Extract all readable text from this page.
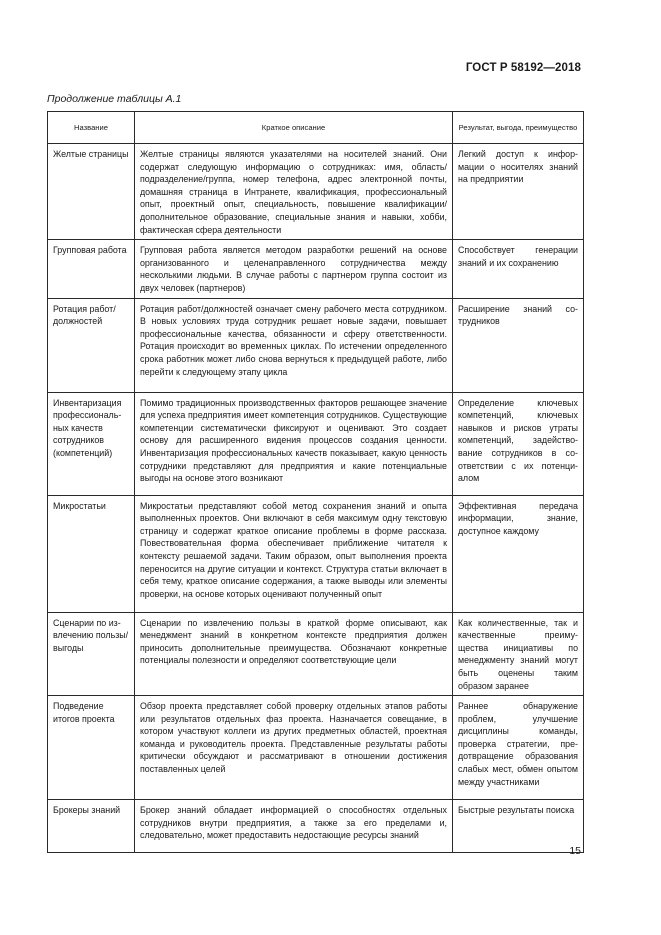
ГОСТ Р 58192—2018
Продолжение таблицы А.1
Название	Краткое описание	Результат, выгода, преимущество
Желтые страницы	Желтые страницы являются указателями на носителей знаний. Они содержат следующую информацию о сотрудниках: имя, область/подразделение/группа, номер телефона, адрес электронной почты, домашняя страница в Интранете, квалификация, профессиональный опыт, проектный опыт, специальность, повышение квалификации/дополнительное образование, специальные знания и навыки, хобби, фактическая сфера деятельности	Легкий доступ к информации о носителях знаний на предприятии
Групповая работа	Групповая работа является методом разработки решений на основе организованного и целенаправленного сотрудничества между несколькими людьми. В случае работы с партнером группа состоит из двух человек (партнеров)	Способствует генерации знаний и их сохранению
Ротация работ/ должностей	Ротация работ/должностей означает смену рабочего места сотрудником. В новых условиях труда сотрудник решает новые задачи, повышает профессиональные качества, обязанности и сферу ответственности. Ротация происходит во временных циклах. По истечении определенного срока работник может либо снова вернуться к предыдущей работе, либо перейти к следующему этапу цикла	Расширение знаний сотрудников
Инвентаризация профессиональных качеств сотрудников (компетенций)	Помимо традиционных производственных факторов решающее значение для успеха предприятия имеет компетенция сотрудников. Существующие компетенции систематически фиксируют и оценивают. Это создает основу для расширенного видения процессов создания ценности. Инвентаризация профессиональных качеств показывает, какую ценность сотрудники представляют для предприятия и какие потенциальные выгоды на основе этого возникают	Определение ключевых компетенций, ключевых навыков и рисков утраты компетенций, задействование сотрудников в соответствии с их потенциалом
Микростатьи	Микростатьи представляют собой метод сохранения знаний и опыта выполненных проектов. Они включают в себя максимум одну текстовую страницу и содержат краткое описание проблемы в форме рассказа. Повествовательная форма обеспечивает приближение читателя к контексту решаемой задачи. Таким образом, опыт выполнения проекта переносится на другие ситуации и контекст. Структура статьи включает в себя тему, краткое описание содержания, а также выводы или элементы проверки, на основе которых оценивают полученный опыт	Эффективная передача информации, знание, доступное каждому
Сценарии по извлечению пользы/ выгоды	Сценарии по извлечению пользы в краткой форме описывают, как менеджмент знаний в конкретном контексте предприятия должен приносить дополнительные преимущества. Обозначают конкретные потенциалы полезности и определяют соответствующие цели	Как количественные, так и качественные преимущества инициативы по менеджменту знаний могут быть оценены таким образом заранее
Подведение итогов проекта	Обзор проекта представляет собой проверку отдельных этапов работы или результатов отдельных фаз проекта. Назначается совещание, в котором участвуют коллеги из других предметных областей, проектная команда и руководитель проекта. Представленные результаты работы критически обсуждают и рассматривают в отношении достижения поставленных целей	Раннее обнаружение проблем, улучшение дисциплины команды, проверка стратегии, предотвращение образования слабых мест, обмен опытом между участниками
Брокеры знаний	Брокер знаний обладает информацией о способностях отдельных сотрудников внутри предприятия, а также за его пределами и, следовательно, может предоставить недостающие ресурсы знаний	Быстрые результаты поиска
15
